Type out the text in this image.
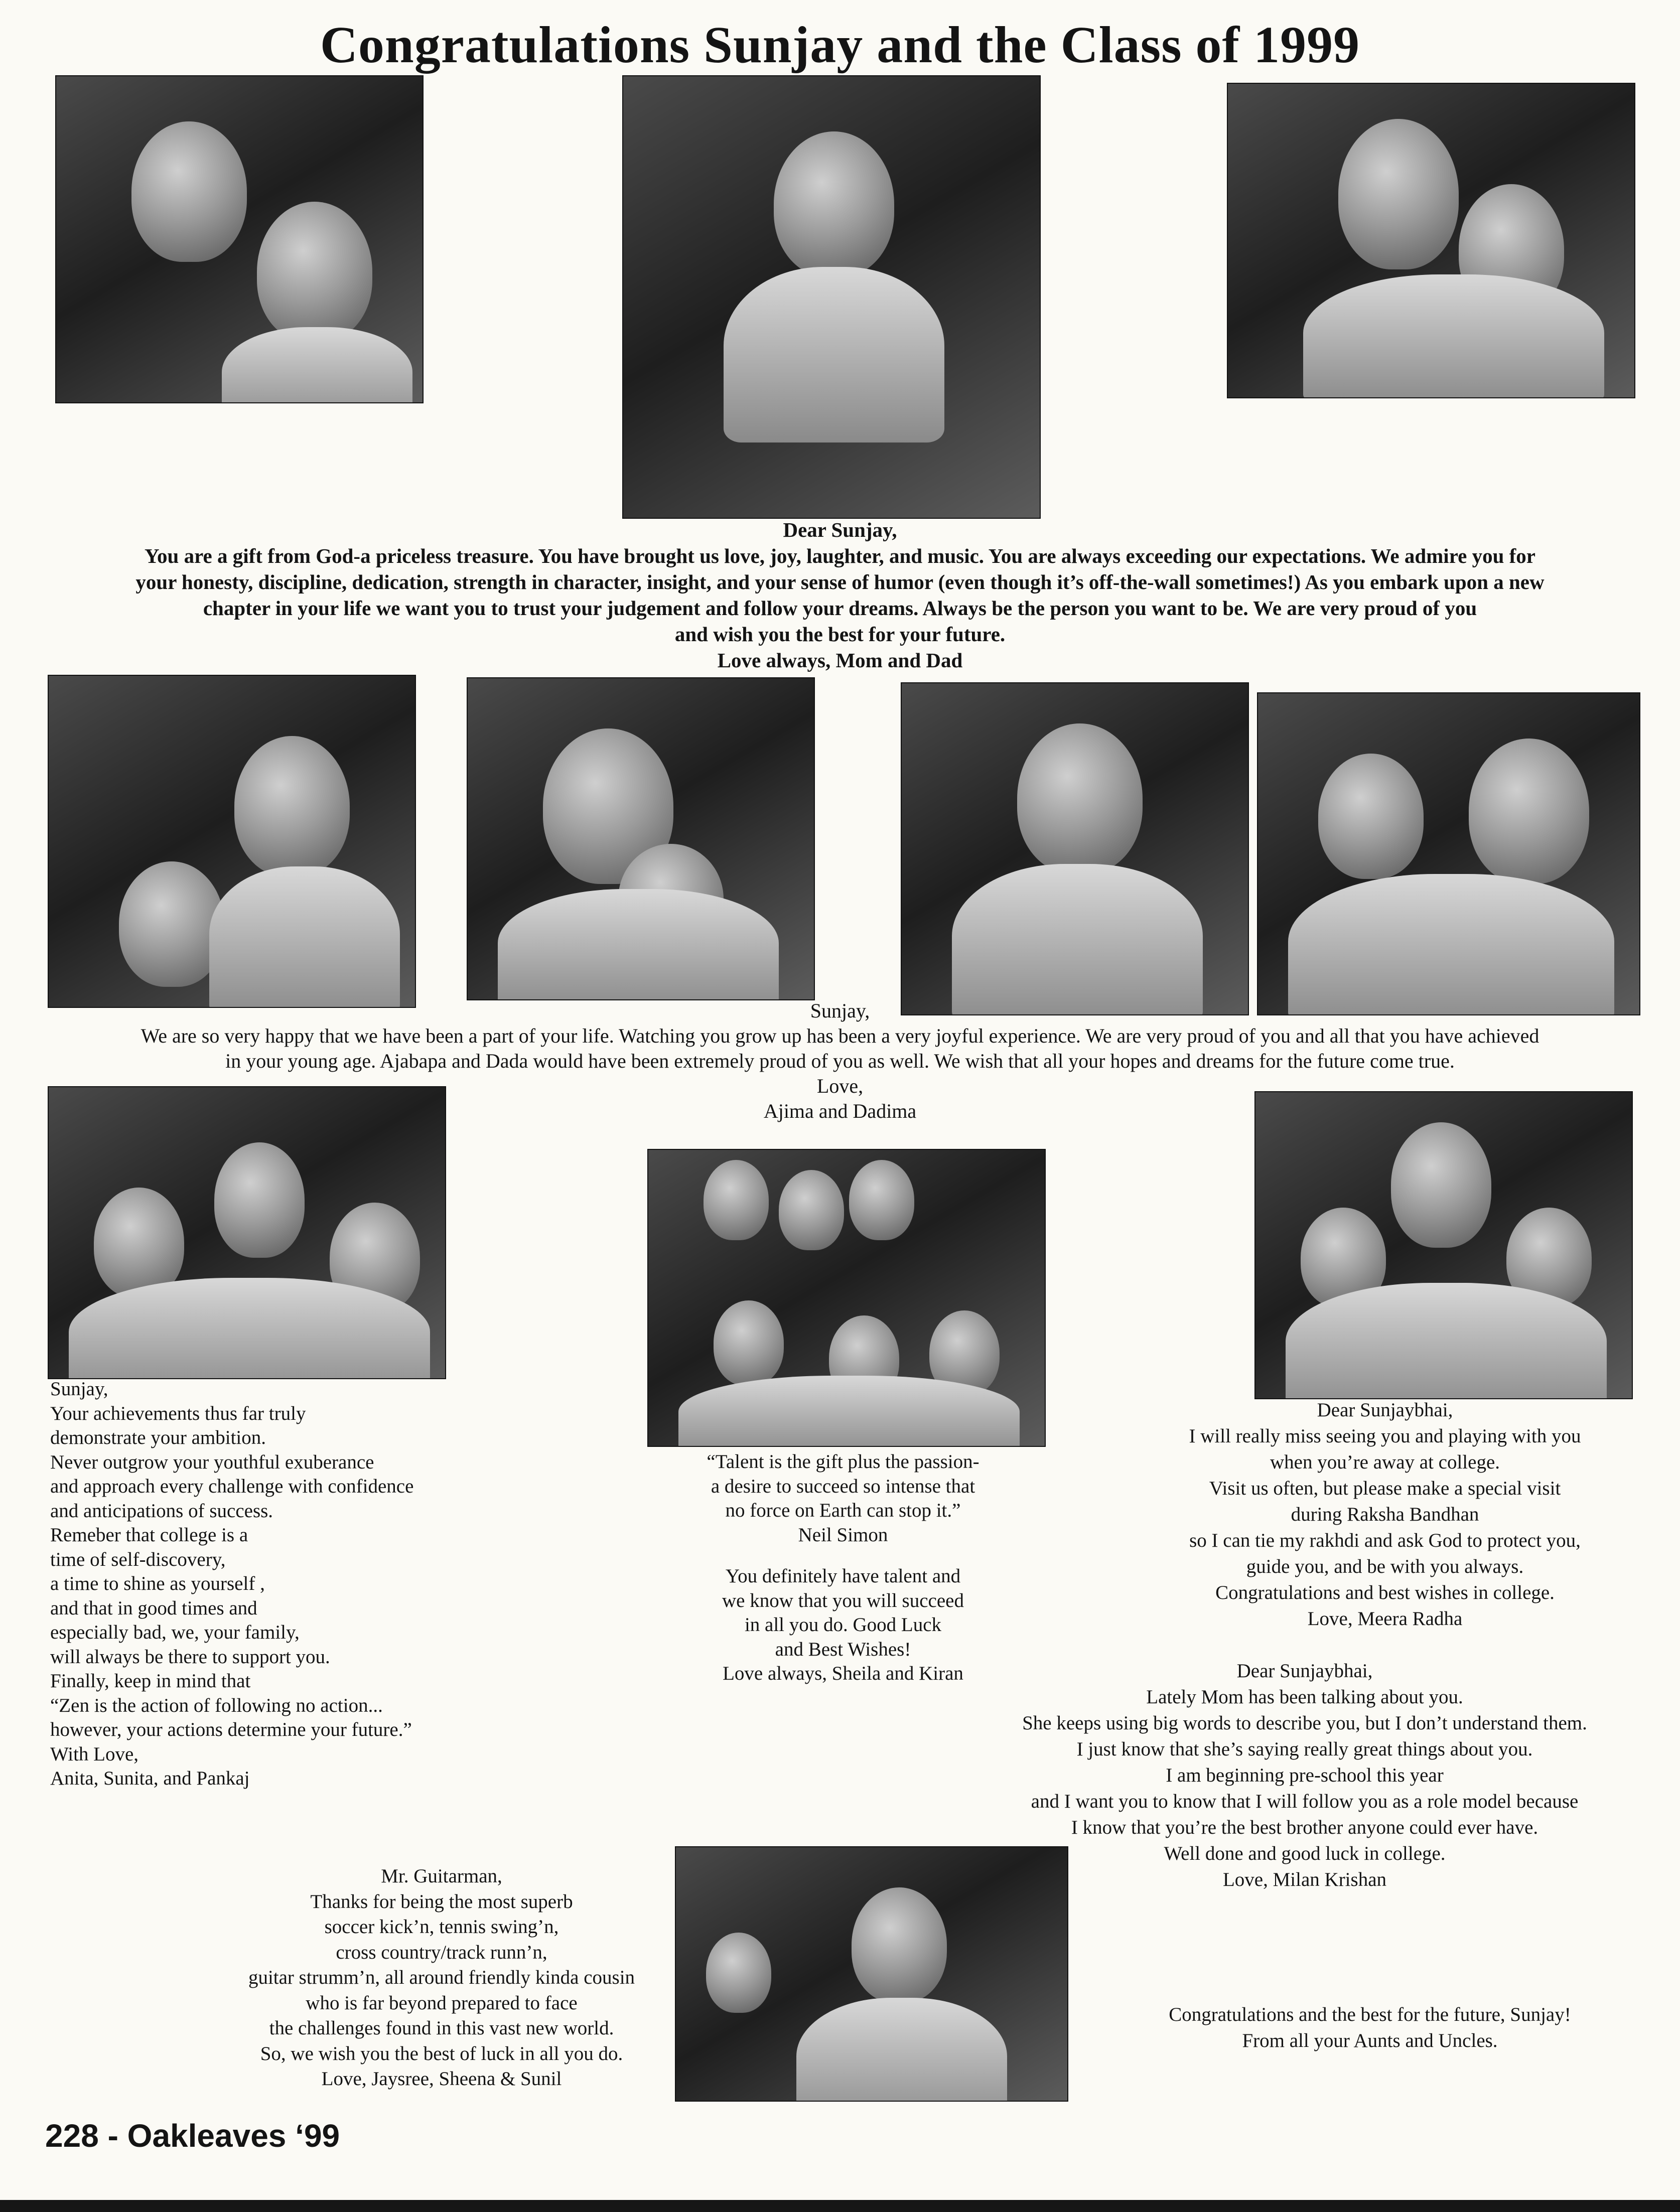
Congratulations Sunjay and the Class of 1999
Dear Sunjay,
You are a gift from God-a priceless treasure. You have brought us love, joy, laughter, and music. You are always exceeding our expectations. We admire you for
your honesty, discipline, dedication, strength in character, insight, and your sense of humor (even though it’s off-the-wall sometimes!) As you embark upon a new
chapter in your life we want you to trust your judgement and follow your dreams. Always be the person you want to be. We are very proud of you
and wish you the best for your future.
Love always, Mom and Dad
Sunjay,
We are so very happy that we have been a part of your life. Watching you grow up has been a very joyful experience. We are very proud of you and all that you have achieved
in your young age. Ajabapa and Dada would have been extremely proud of you as well. We wish that all your hopes and dreams for the future come true.
Love,
Ajima and Dadima
Sunjay,
Your achievements thus far truly
demonstrate your ambition.
Never outgrow your youthful exuberance
and approach every challenge with confidence
and anticipations of success.
Remeber that college is a
time of self-discovery,
a time to shine as yourself ,
and that in good times and
especially bad, we, your family,
will always be there to support you.
Finally, keep in mind that
“Zen is the action of following no action...
however, your actions determine your future.”
With Love,
Anita, Sunita, and Pankaj
“Talent is the gift plus the passion-
a desire to succeed so intense that
no force on Earth can stop it.”
Neil Simon
You definitely have talent and
we know that you will succeed
in all you do. Good Luck
and Best Wishes!
Love always, Sheila and Kiran
Dear Sunjaybhai,
I will really miss seeing you and playing with you
when you’re away at college.
Visit us often, but please make a special visit
during Raksha Bandhan
so I can tie my rakhdi and ask God to protect you,
guide you, and be with you always.
Congratulations and best wishes in college.
Love, Meera Radha
Dear Sunjaybhai,
Lately Mom has been talking about you.
She keeps using big words to describe you, but I don’t understand them.
I just know that she’s saying really great things about you.
I am beginning pre-school this year
and I want you to know that I will follow you as a role model because
I know that you’re the best brother anyone could ever have.
Well done and good luck in college.
Love, Milan Krishan
Mr. Guitarman,
Thanks for being the most superb
soccer kick’n, tennis swing’n,
cross country/track runn’n,
guitar strumm’n, all around friendly kinda cousin
who is far beyond prepared to face
the challenges found in this vast new world.
So, we wish you the best of luck in all you do.
Love, Jaysree, Sheena & Sunil
Congratulations and the best for the future, Sunjay!
From all your Aunts and Uncles.
228 - Oakleaves ‘99
